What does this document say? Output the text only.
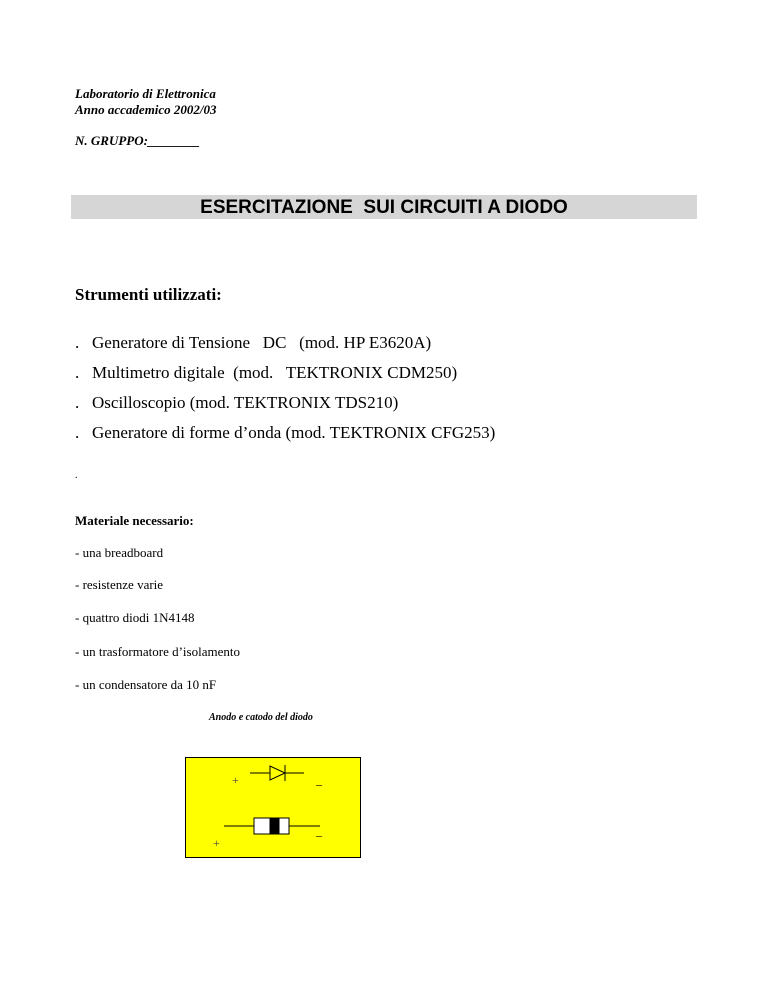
Laboratorio di Elettronica
Anno accademico 2002/03
N. GRUPPO:________
ESERCITAZIONE  SUI CIRCUITI A DIODO
Strumenti utilizzati:
.   Generatore di Tensione   DC   (mod. HP E3620A)
.   Multimetro digitale  (mod.   TEKTRONIX CDM250)
.   Oscilloscopio (mod. TEKTRONIX TDS210)
.   Generatore di forme d’onda (mod. TEKTRONIX CFG253)
.
Materiale necessario:
- una breadboard
- resistenze varie
- quattro diodi 1N4148
- un trasformatore d’isolamento
- un condensatore da 10 nF
Anodo e catodo del diodo
+	_
+
_
